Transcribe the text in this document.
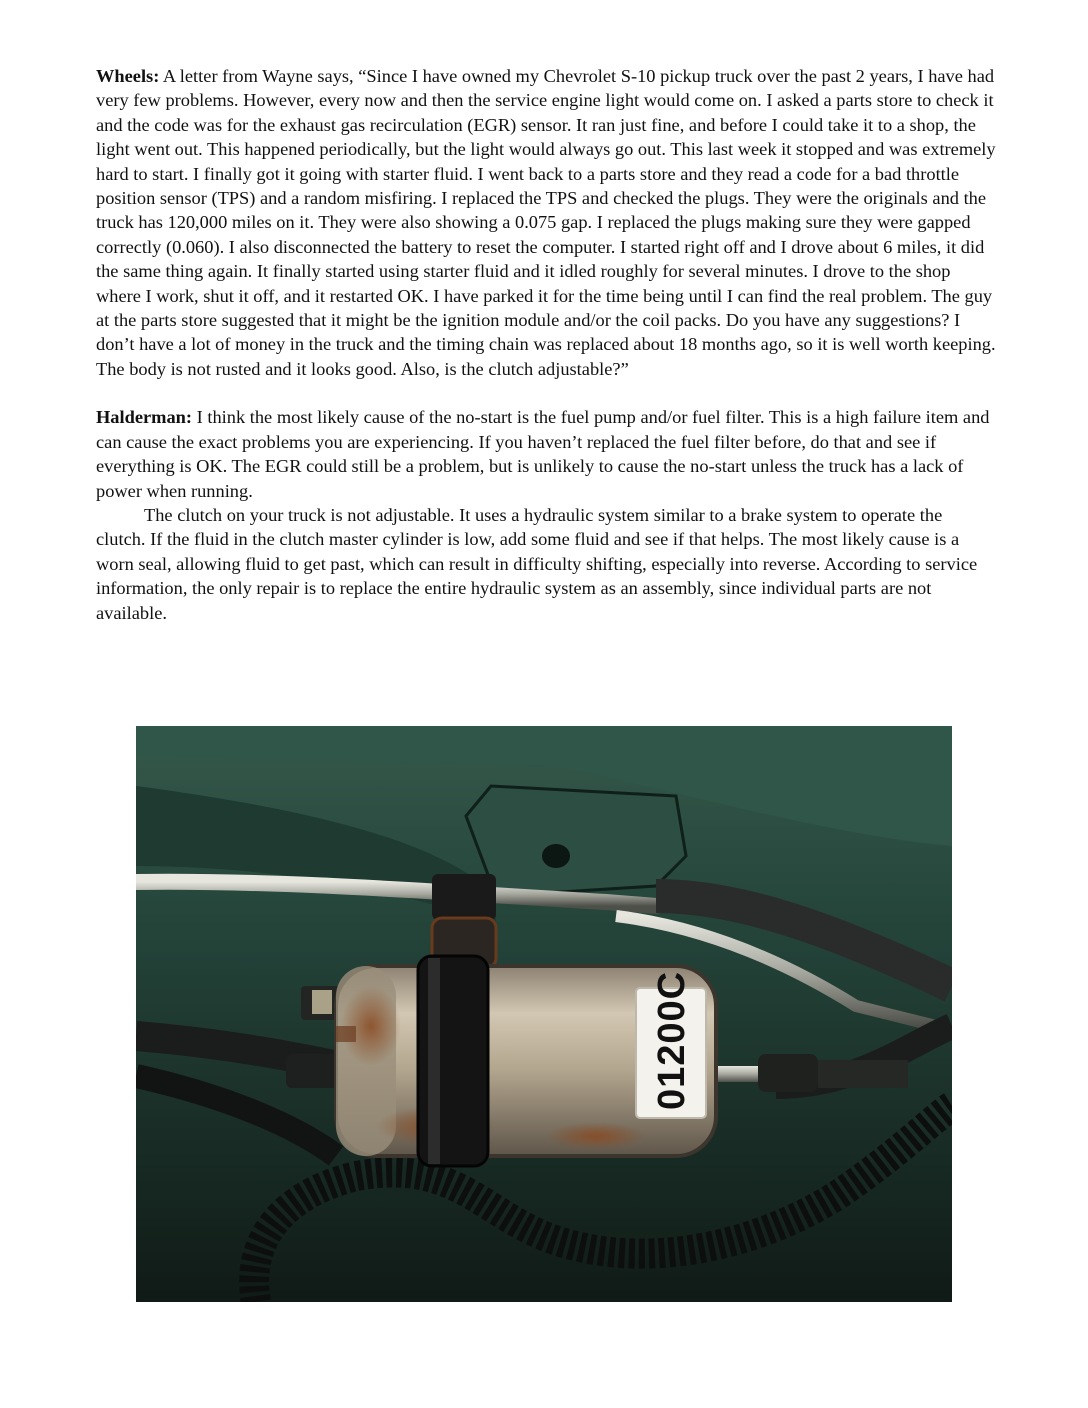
Wheels: A letter from Wayne says, “Since I have owned my Chevrolet S-10 pickup truck over the past 2 years, I have had very few problems. However, every now and then the service engine light would come on. I asked a parts store to check it and the code was for the exhaust gas recirculation (EGR) sensor. It ran just fine, and before I could take it to a shop, the light went out. This happened periodically, but the light would always go out. This last week it stopped and was extremely hard to start. I finally got it going with starter fluid. I went back to a parts store and they read a code for a bad throttle position sensor (TPS) and a random misfiring. I replaced the TPS and checked the plugs. They were the originals and the truck has 120,000 miles on it. They were also showing a 0.075 gap. I replaced the plugs making sure they were gapped correctly (0.060). I also disconnected the battery to reset the computer. I started right off and I drove about 6 miles, it did the same thing again. It finally started using starter fluid and it idled roughly for several minutes. I drove to the shop where I work, shut it off, and it restarted OK. I have parked it for the time being until I can find the real problem. The guy at the parts store suggested that it might be the ignition module and/or the coil packs. Do you have any suggestions? I don’t have a lot of money in the truck and the timing chain was replaced about 18 months ago, so it is well worth keeping. The body is not rusted and it looks good. Also, is the clutch adjustable?”

Halderman: I think the most likely cause of the no-start is the fuel pump and/or fuel filter. This is a high failure item and can cause the exact problems you are experiencing. If you haven’t replaced the fuel filter before, do that and see if everything is OK. The EGR could still be a problem, but is unlikely to cause the no-start unless the truck has a lack of power when running.

The clutch on your truck is not adjustable. It uses a hydraulic system similar to a brake system to operate the clutch. If the fluid in the clutch master cylinder is low, add some fluid and see if that helps. The most likely cause is a worn seal, allowing fluid to get past, which can result in difficulty shifting, especially into reverse. According to service information, the only repair is to replace the entire hydraulic system as an assembly, since individual parts are not available.

01200C
